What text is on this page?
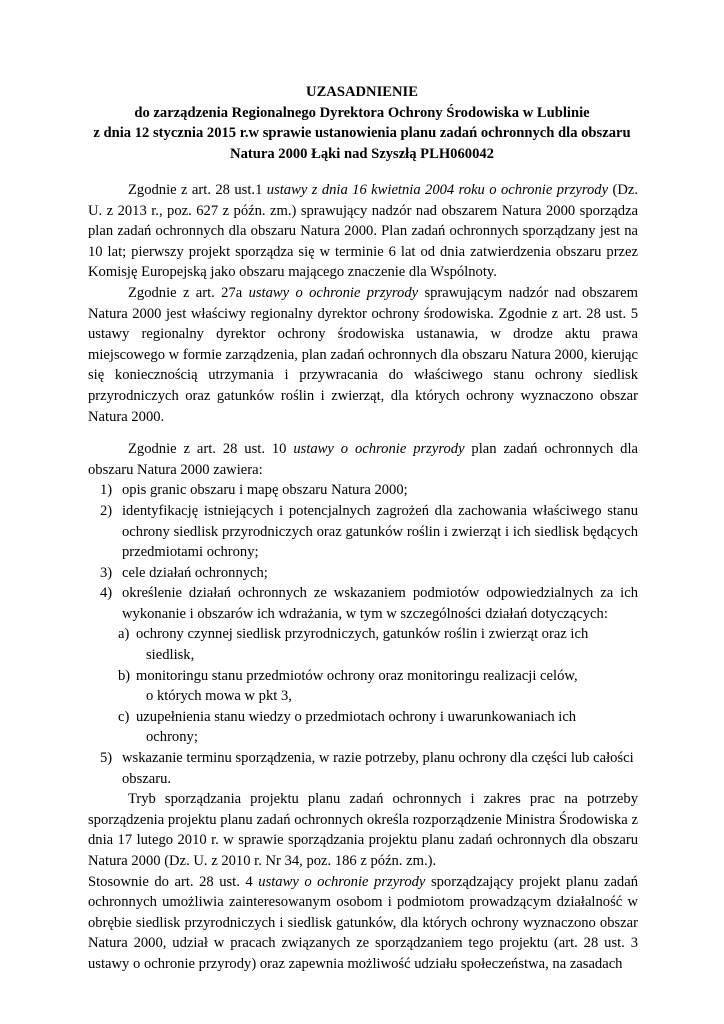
UZASADNIENIE
do zarządzenia Regionalnego Dyrektora Ochrony Środowiska w Lublinie
z dnia 12 stycznia 2015 r.w sprawie ustanowienia planu zadań ochronnych dla obszaru
Natura 2000 Łąki nad Szyszłą PLH060042

Zgodnie z art. 28 ust.1 ustawy z dnia 16 kwietnia 2004 roku o ochronie przyrody (Dz. U. z 2013 r., poz. 627 z późn. zm.) sprawujący nadzór nad obszarem Natura 2000 sporządza plan zadań ochronnych dla obszaru Natura 2000. Plan zadań ochronnych sporządzany jest na 10 lat; pierwszy projekt sporządza się w terminie 6 lat od dnia zatwierdzenia obszaru przez Komisję Europejską jako obszaru mającego znaczenie dla Wspólnoty.

Zgodnie z art. 27a ustawy o ochronie przyrody sprawującym nadzór nad obszarem Natura 2000 jest właściwy regionalny dyrektor ochrony środowiska. Zgodnie z art. 28 ust. 5 ustawy regionalny dyrektor ochrony środowiska ustanawia, w drodze aktu prawa miejscowego w formie zarządzenia, plan zadań ochronnych dla obszaru Natura 2000, kierując się koniecznością utrzymania i przywracania do właściwego stanu ochrony siedlisk przyrodniczych oraz gatunków roślin i zwierząt, dla których ochrony wyznaczono obszar Natura 2000.

Zgodnie z art. 28 ust. 10 ustawy o ochronie przyrody plan zadań ochronnych dla obszaru Natura 2000 zawiera:

1) opis granic obszaru i mapę obszaru Natura 2000;
2) identyfikację istniejących i potencjalnych zagrożeń dla zachowania właściwego stanu ochrony siedlisk przyrodniczych oraz gatunków roślin i zwierząt i ich siedlisk będących przedmiotami ochrony;
3) cele działań ochronnych;
4) określenie działań ochronnych ze wskazaniem podmiotów odpowiedzialnych za ich wykonanie i obszarów ich wdrażania, w tym w szczególności działań dotyczących:
a) ochrony czynnej siedlisk przyrodniczych, gatunków roślin i zwierząt oraz ich
siedlisk,
b) monitoringu stanu przedmiotów ochrony oraz monitoringu realizacji celów,
o których mowa w pkt 3,
c) uzupełnienia stanu wiedzy o przedmiotach ochrony i uwarunkowaniach ich
ochrony;
5) wskazanie terminu sporządzenia, w razie potrzeby, planu ochrony dla części lub całości obszaru.

Tryb sporządzania projektu planu zadań ochronnych i zakres prac na potrzeby sporządzenia projektu planu zadań ochronnych określa rozporządzenie Ministra Środowiska z dnia 17 lutego 2010 r. w sprawie sporządzania projektu planu zadań ochronnych dla obszaru Natura 2000 (Dz. U. z 2010 r. Nr 34, poz. 186 z późn. zm.).

Stosownie do art. 28 ust. 4 ustawy o ochronie przyrody sporządzający projekt planu zadań ochronnych umożliwia zainteresowanym osobom i podmiotom prowadzącym działalność w obrębie siedlisk przyrodniczych i siedlisk gatunków, dla których ochrony wyznaczono obszar Natura 2000, udział w pracach związanych ze sporządzaniem tego projektu (art. 28 ust. 3 ustawy o ochronie przyrody) oraz zapewnia możliwość udziału społeczeństwa, na zasadach
